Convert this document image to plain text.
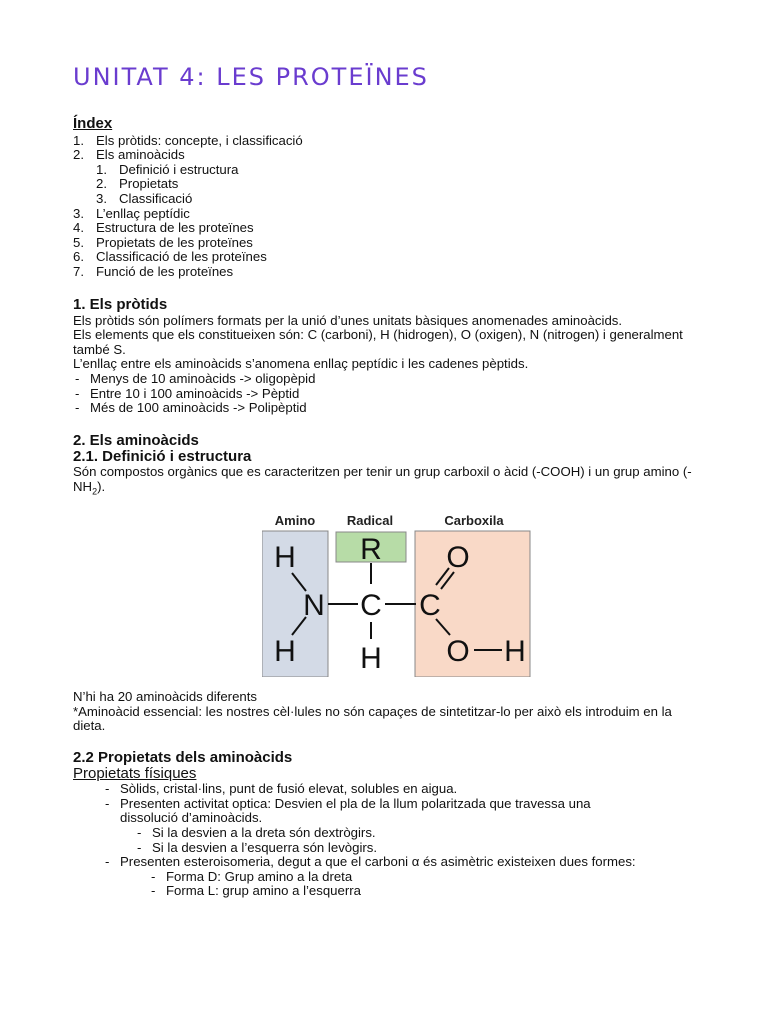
UNITAT 4: LES PROTEÏNES
Índex
1. Els pròtids: concepte, i classificació
2. Els aminoàcids
1. Definició i estructura
2. Propietats
3. Classificació
3. L’enllaç peptídic
4. Estructura de les proteïnes
5. Propietats de les proteïnes
6. Classificació de les proteïnes
7. Funció de les proteïnes
1. Els pròtids

Els pròtids són polímers formats per la unió d’unes unitats bàsiques anomenades aminoàcids.

Els elements que els constitueixen són: C (carboni), H (hidrogen), O (oxigen), N (nitrogen) i generalment també S.

L’enllaç entre els aminoàcids s’anomena enllaç peptídic i les cadenes pèptids.

- Menys de 10 aminoàcids -> oligopèpid
- Entre 10 i 100 aminoàcids -> Pèptid
- Més de 100 aminoàcids -> Polipèptid
2. Els aminoàcids
2.1. Definició i estructura

Són compostos orgànics que es caracteritzen per tenir un grup carboxil o àcid (-COOH) i un grup amino $(-NH_2)$.

Amino Radical	Carboxila
H
N
H
R
C
H
C
O
O H

N’hi ha 20 aminoàcids diferents

*Aminoàcid essencial: les nostres cèl·lules no són capaçes de sintetitzar-lo per això els introduim en la dieta.

2.2 Propietats dels aminoàcids
Propietats físiques
- Sòlids, cristal·lins, punt de fusió elevat, solubles en aigua.
- Presenten activitat optica: Desvien el pla de la llum polaritzada que travessa una dissolució d’aminoàcids.
- Si la desvien a la dreta són dextrògirs.
- Si la desvien a l’esquerra són levògirs.
- Presenten esteroisomeria, degut a que el carboni α és asimètric existeixen dues formes:
- Forma D: Grup amino a la dreta
- Forma L: grup amino a l’esquerra
